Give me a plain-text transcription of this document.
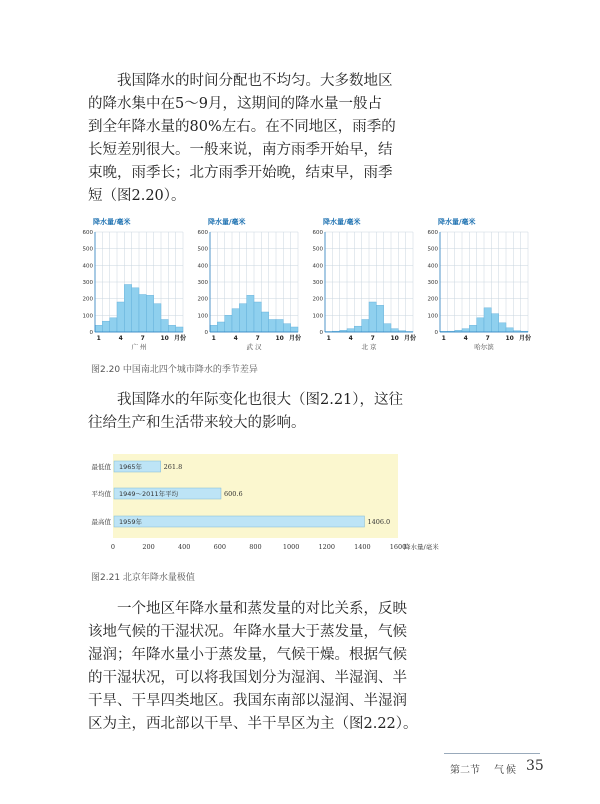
我国降水的时间分配也不均匀。大多数地区
的降水集中在5～9月，这期间的降水量一般占
到全年降水量的80%左右。在不同地区，雨季的
长短差别很大。一般来说，南方雨季开始早，结
束晚，雨季长；北方雨季开始晚，结束早，雨季
短（图2.20）。
降水量/毫米
0
100
200
300
400
500
600
1	4	7	10 月份
广 州
降水量/毫米
0
100
200
300
400
500
600
1	4	7	10 月份
武 汉
降水量/毫米
0
100
200
300
400
500
600
1	4	7	10 月份
北 京
降水量/毫米
0
100
200
300
400
500
600
1	4	7	10 月份
哈尔滨
图2.20 中国南北四个城市降水的季节差异
我国降水的年际变化也很大（图2.21），这往
往给生产和生活带来较大的影响。
最低值 1965年	261.8
平均值 1949～2011年平均	600.6
最高值 1959年	1406.0
0	200	400	600	800	1000	1200	1400	1600
降水量/毫米
图2.21 北京年降水量极值
一个地区年降水量和蒸发量的对比关系，反映
该地气候的干湿状况。年降水量大于蒸发量，气候
湿润；年降水量小于蒸发量，气候干燥。根据气候
的干湿状况，可以将我国划分为湿润、半湿润、半
干旱、干旱四类地区。我国东南部以湿润、半湿润
区为主，西北部以干旱、半干旱区为主（图2.22）。
第二节 气候 35
